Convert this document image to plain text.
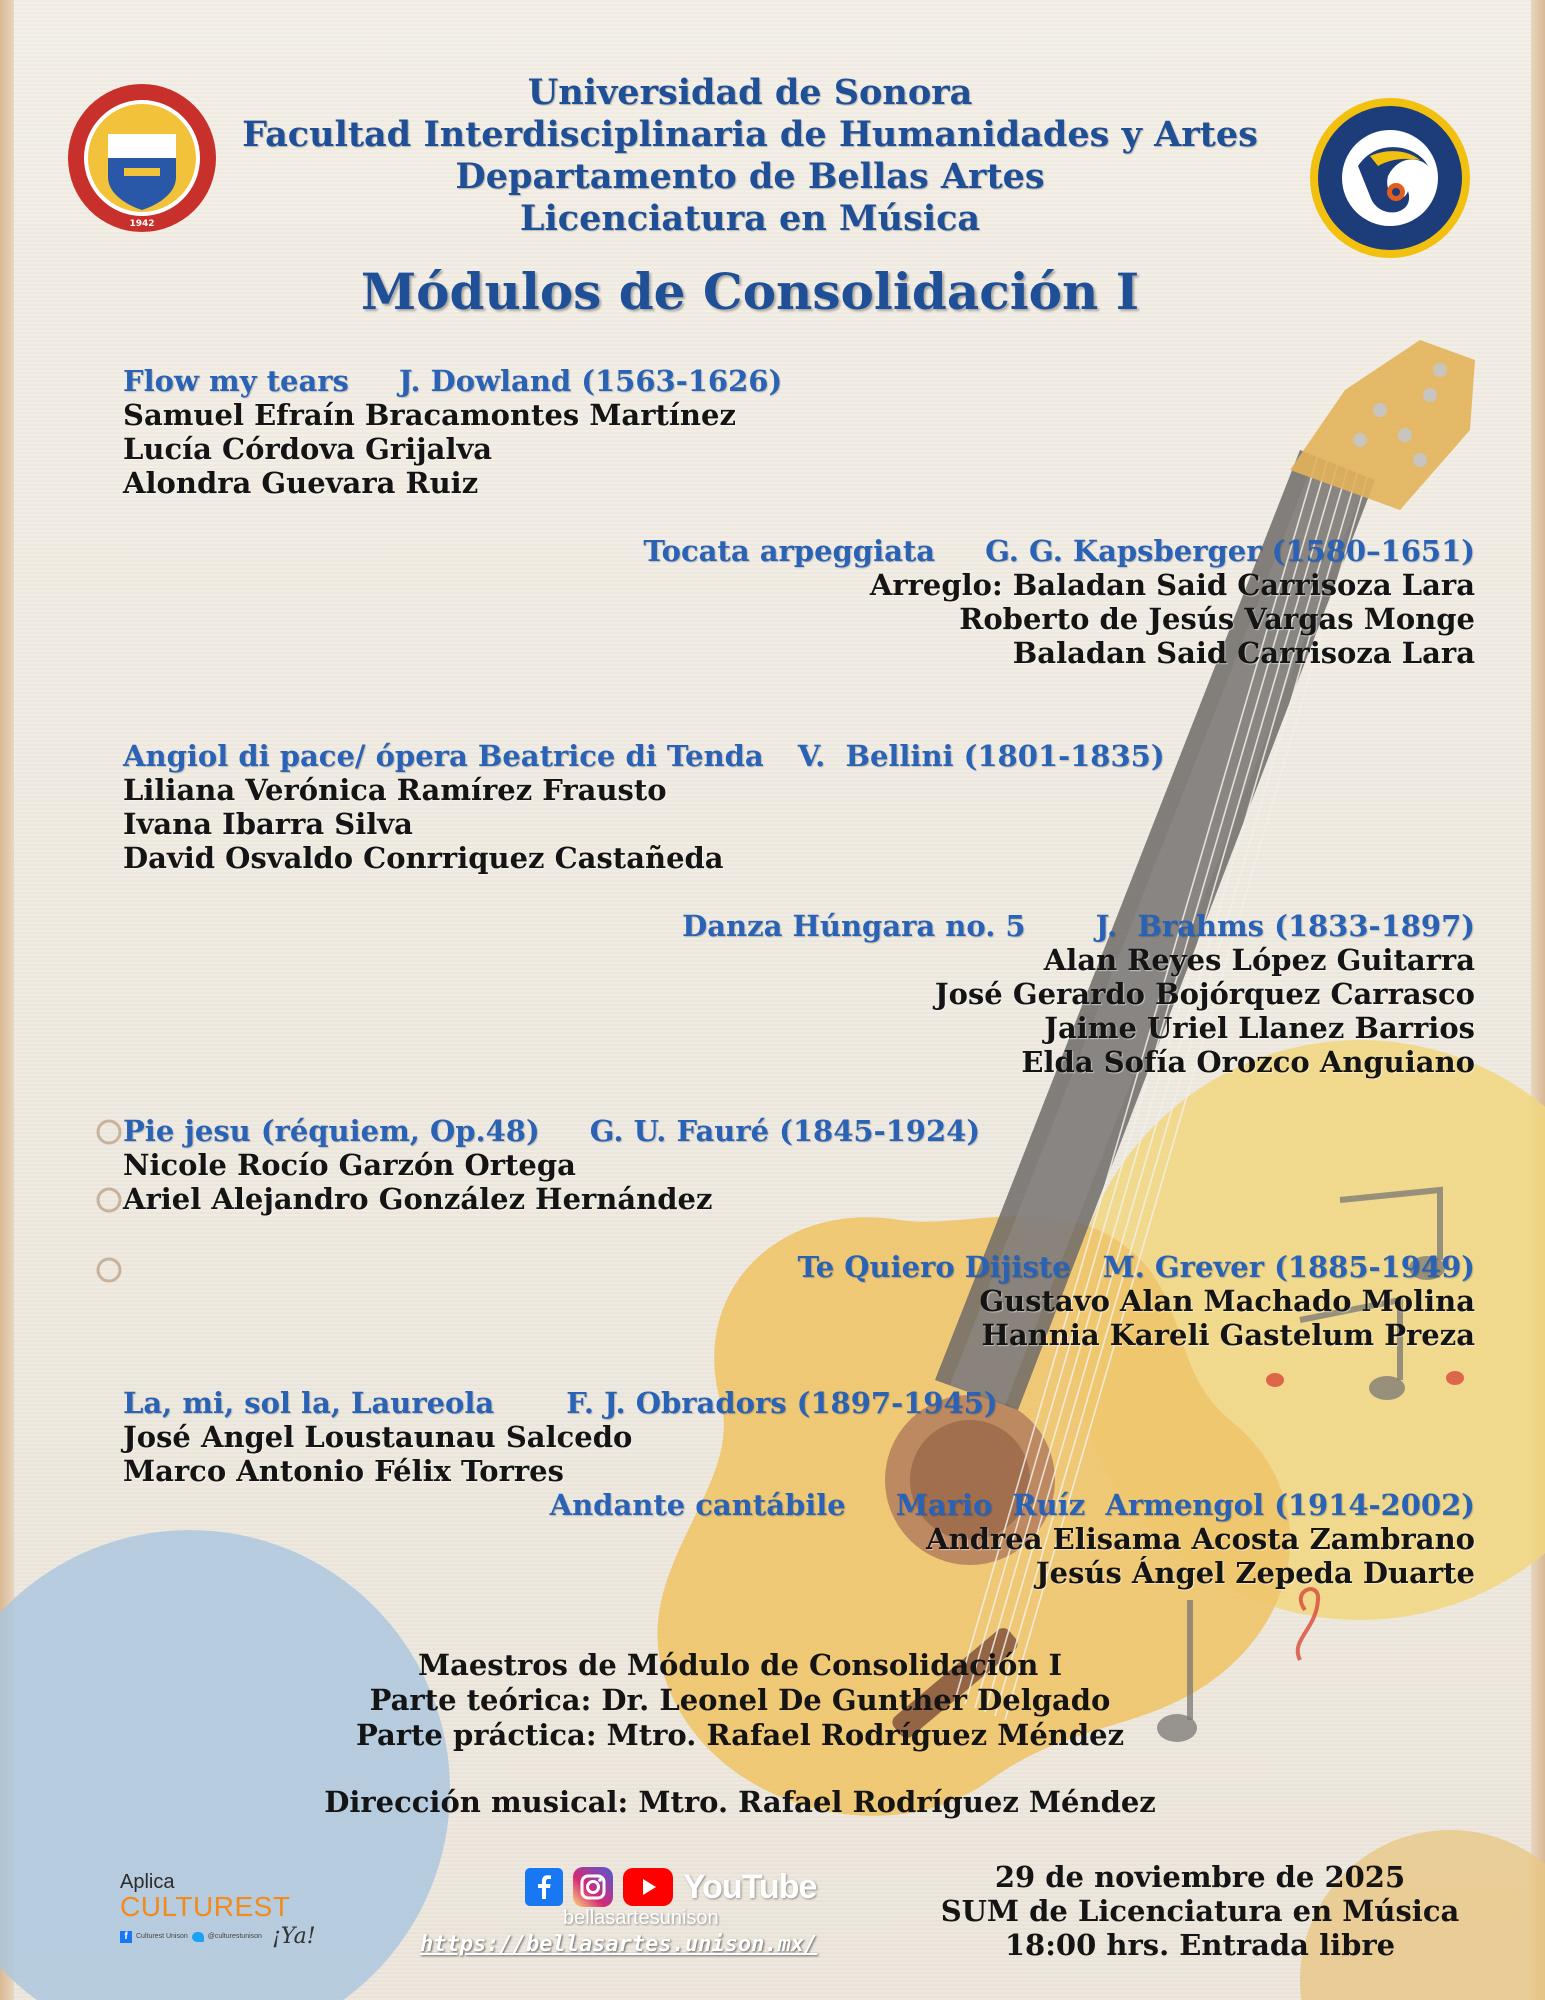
1942
Universidad de Sonora
Facultad Interdisciplinaria de Humanidades y Artes
Departamento de Bellas Artes
Licenciatura en Música
Módulos de Consolidación I
Flow my tears J. Dowland (1563-1626)
Samuel Efraín Bracamontes Martínez
Lucía Córdova Grijalva
Alondra Guevara Ruiz
Tocata arpeggiata G. G. Kapsberger (1580–1651)
Arreglo: Baladan Said Carrisoza Lara
Roberto de Jesús Vargas Monge
Baladan Said Carrisoza Lara
Angiol di pace/ ópera Beatrice di Tenda V.  Bellini (1801-1835)
Liliana Verónica Ramírez Frausto
Ivana Ibarra Silva
David Osvaldo Conrriquez Castañeda
Danza Húngara no. 5 J.  Brahms (1833-1897)
Alan Reyes López Guitarra
José Gerardo Bojórquez Carrasco
Jaime Uriel Llanez Barrios
Elda Sofía Orozco Anguiano
Pie jesu (réquiem, Op.48) G. U. Fauré (1845-1924)
Nicole Rocío Garzón Ortega
Ariel Alejandro González Hernández
Te Quiero Dijiste M. Grever (1885-1949)
Gustavo Alan Machado Molina
Hannia Kareli Gastelum Preza
La, mi, sol la, Laureola F. J. Obradors (1897-1945)
José Angel Loustaunau Salcedo
Marco Antonio Félix Torres
Andante cantábile Mario  Ruíz  Armengol (1914-2002)
Andrea Elisama Acosta Zambrano
Jesús Ángel Zepeda Duarte
Maestros de Módulo de Consolidación I
Parte teórica: Dr. Leonel De Gunther Delgado
Parte práctica: Mtro. Rafael Rodríguez Méndez
Dirección musical: Mtro. Rafael Rodríguez Méndez
29 de noviembre de 2025
SUM de Licenciatura en Música
18:00 hrs. Entrada libre
Aplica
CULTUREST
f	Culturest Unison	@culturestunison ¡Ya!
YouTube
bellasartesunison
https://bellasartes.unison.mx/
